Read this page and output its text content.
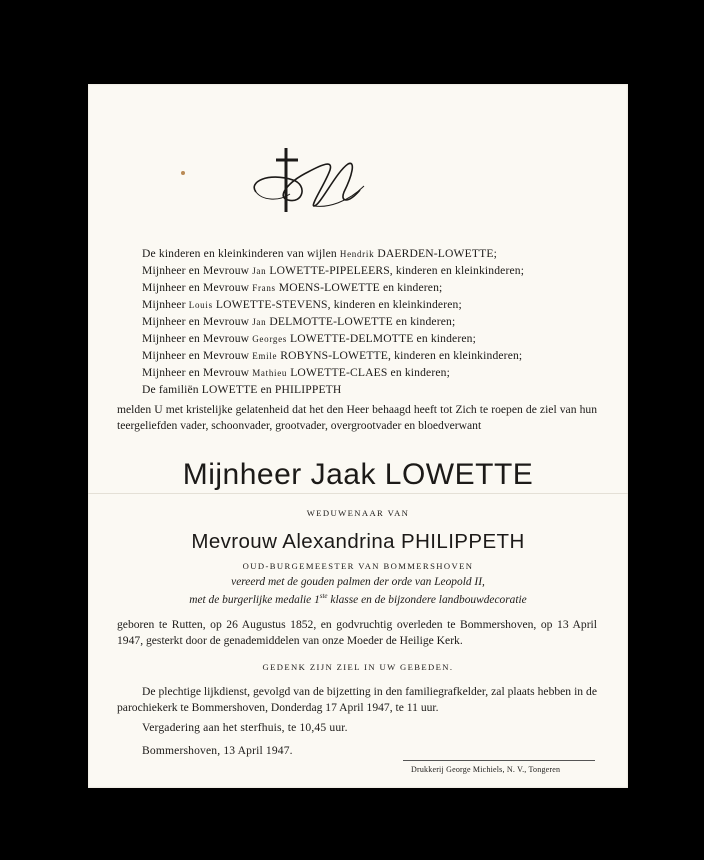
De kinderen en kleinkinderen van wijlen Hendrik DAERDEN-LOWETTE;
Mijnheer en Mevrouw Jan LOWETTE-PIPELEERS, kinderen en kleinkinderen;
Mijnheer en Mevrouw Frans MOENS-LOWETTE en kinderen;
Mijnheer Louis LOWETTE-STEVENS, kinderen en kleinkinderen;
Mijnheer en Mevrouw Jan DELMOTTE-LOWETTE en kinderen;
Mijnheer en Mevrouw Georges LOWETTE-DELMOTTE en kinderen;
Mijnheer en Mevrouw Emile ROBYNS-LOWETTE, kinderen en kleinkinderen;
Mijnheer en Mevrouw Mathieu LOWETTE-CLAES en kinderen;
De familiën LOWETTE en PHILIPPETH
melden U met kristelijke gelatenheid dat het den Heer behaagd heeft tot Zich te roepen de ziel van hun teergeliefden vader, schoonvader, grootvader, overgrootvader en bloedverwant
Mijnheer Jaak LOWETTE
WEDUWENAAR VAN
Mevrouw Alexandrina PHILIPPETH
OUD-BURGEMEESTER VAN BOMMERSHOVEN
vereerd met de gouden palmen der orde van Leopold II,
met de burgerlijke medalie 1ste klasse en de bijzondere landbouwdecoratie
geboren te Rutten, op 26 Augustus 1852, en godvruchtig overleden te Bommershoven, op 13 April 1947, gesterkt door de genademiddelen van onze Moeder de Heilige Kerk.
GEDENK ZIJN ZIEL IN UW GEBEDEN.
De plechtige lijkdienst, gevolgd van de bijzetting in den familiegrafkelder, zal plaats hebben in de parochiekerk te Bommershoven, Donderdag 17 April 1947, te 11 uur.
Vergadering aan het sterfhuis, te 10,45 uur.
Bommershoven, 13 April 1947.
Drukkerij George Michiels, N. V., Tongeren
